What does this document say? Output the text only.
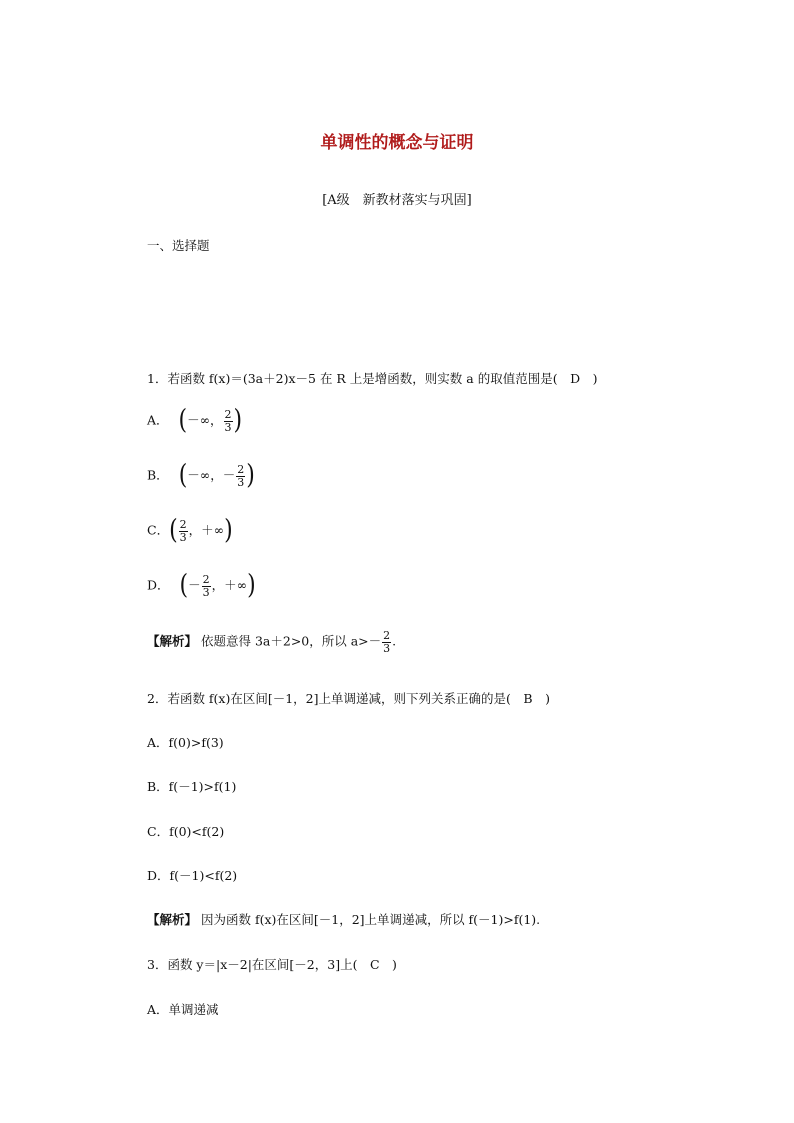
单调性的概念与证明
[A级　新教材落实与巩固]
一、选择题
1．若函数 f(x)＝(3a＋2)x－5 在 R 上是增函数，则实数 a 的取值范围是(　D　)
A． (－∞， $\frac{2}{3}$ )
B． (－∞，－ $\frac{2}{3}$ )
C．( $\frac{2}{3}$ ，＋∞)
D． (－ $\frac{2}{3}$ ，＋∞)
【解析】 依题意得 3a＋2>0，所以 $a>- \frac{2}{3}$ .
2．若函数 f(x)在区间[－1，2]上单调递减，则下列关系正确的是(　B　)
A．f(0)>f(3)
B．f(－1)>f(1)
C．f(0)<f(2)
D．f(－1)<f(2)
【解析】 因为函数 f(x)在区间[－1，2]上单调递减，所以 f(－1)>f(1).
3．函数 y＝|x－2|在区间[－2，3]上(　C　)
A．单调递减
